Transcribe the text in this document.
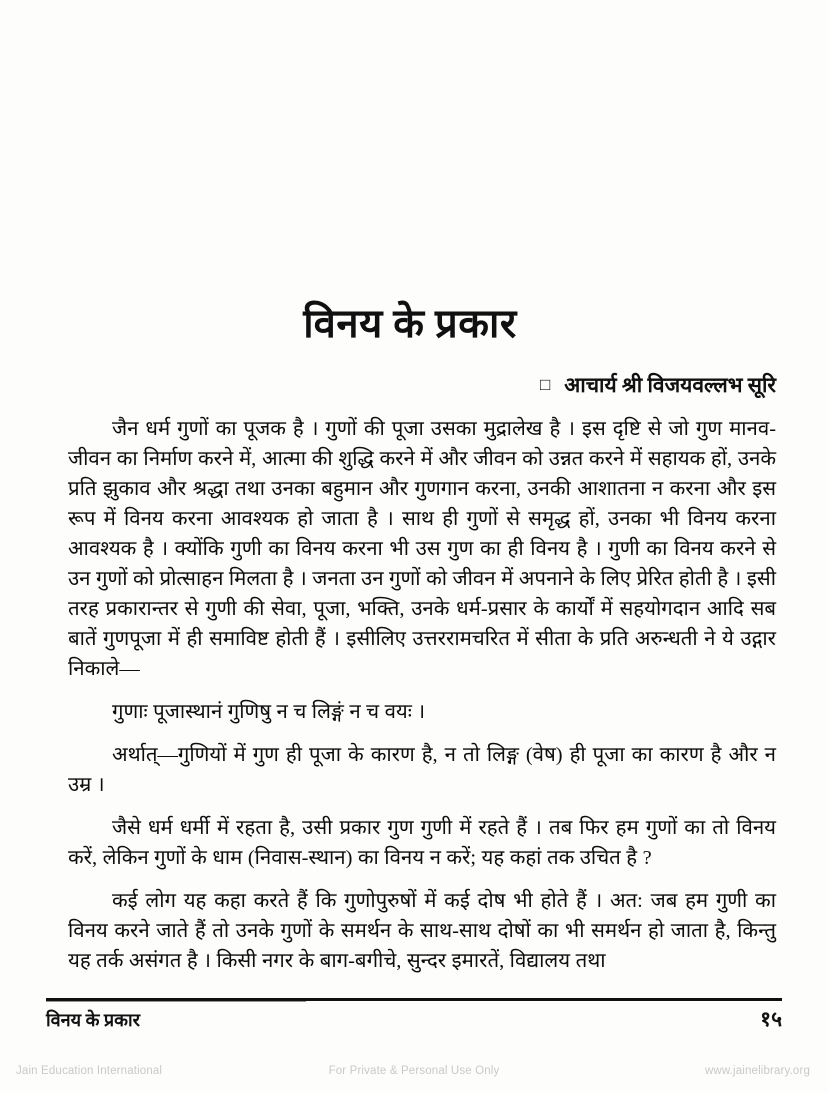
विनय के प्रकार
□ आचार्य श्री विजयवल्लभ सूरि

जैन धर्म गुणों का पूजक है । गुणों की पूजा उसका मुद्रालेख है । इस दृष्टि से जो गुण मानव-जीवन का निर्माण करने में, आत्मा की शुद्धि करने में और जीवन को उन्नत करने में सहायक हों, उनके प्रति झुकाव और श्रद्धा तथा उनका बहुमान और गुणगान करना, उनकी आशातना न करना और इस रूप में विनय करना आवश्यक हो जाता है । साथ ही गुणों से समृद्ध हों, उनका भी विनय करना आवश्यक है । क्योंकि गुणी का विनय करना भी उस गुण का ही विनय है । गुणी का विनय करने से उन गुणों को प्रोत्साहन मिलता है । जनता उन गुणों को जीवन में अपनाने के लिए प्रेरित होती है । इसी तरह प्रकारान्तर से गुणी की सेवा, पूजा, भक्ति, उनके धर्म-प्रसार के कार्यों में सहयोगदान आदि सब बातें गुणपूजा में ही समाविष्ट होती हैं । इसीलिए उत्तररामचरित में सीता के प्रति अरुन्धती ने ये उद्गार निकाले—

गुणाः पूजास्थानं गुणिषु न च लिङ्गं न च वयः ।

अर्थात्—गुणियों में गुण ही पूजा के कारण है, न तो लिङ्ग (वेष) ही पूजा का कारण है और न उम्र ।

जैसे धर्म धर्मी में रहता है, उसी प्रकार गुण गुणी में रहते हैं । तब फिर हम गुणों का तो विनय करें, लेकिन गुणों के धाम (निवास-स्थान) का विनय न करें; यह कहां तक उचित है ?

कई लोग यह कहा करते हैं कि गुणोपुरुषों में कई दोष भी होते हैं । अत: जब हम गुणी का विनय करने जाते हैं तो उनके गुणों के समर्थन के साथ-साथ दोषों का भी समर्थन हो जाता है, किन्तु यह तर्क असंगत है । किसी नगर के बाग-बगीचे, सुन्दर इमारतें, विद्यालय तथा

विनय के प्रकार	१५
Jain Education International	For Private & Personal Use Only	www.jainelibrary.org
